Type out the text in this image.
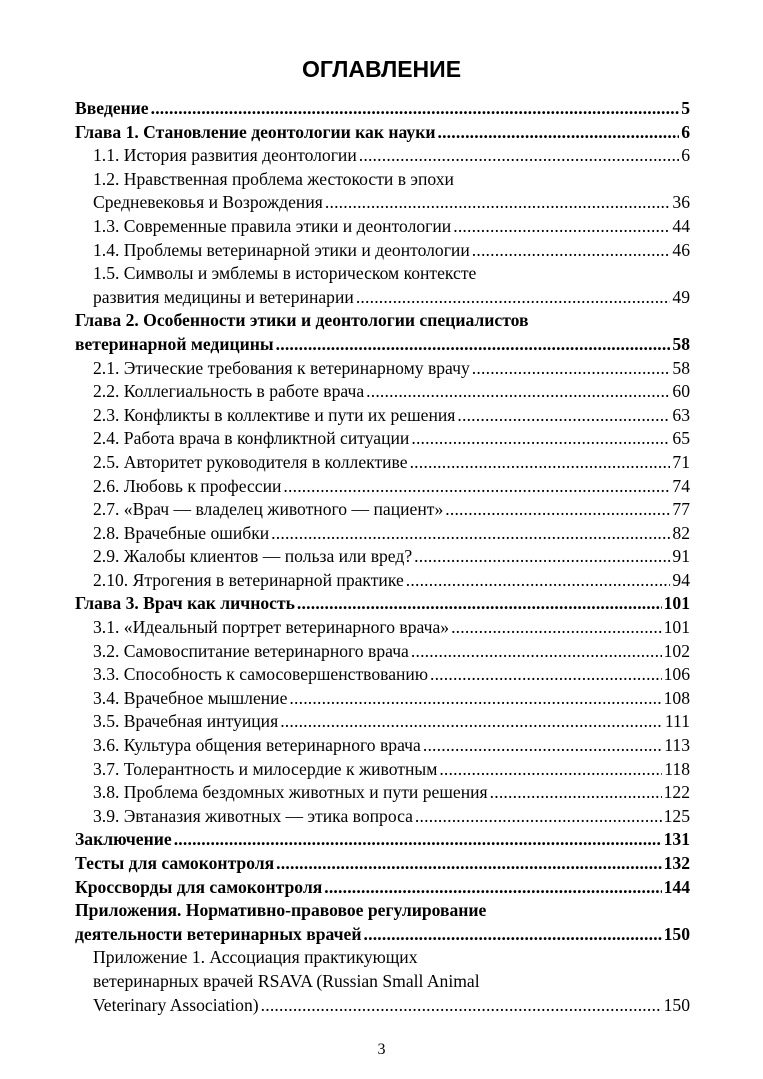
ОГЛАВЛЕНИЕ
Введение .....	5
Глава 1. Становление деонтологии как науки .....	6
1.1. История развития деонтологии .....	6
1.2. Нравственная проблема жестокости в эпохи
Средневековья и Возрождения .....	36
1.3. Современные правила этики и деонтологии .....	44
1.4. Проблемы ветеринарной этики и деонтологии .....	46
1.5. Символы и эмблемы в историческом контексте
развития медицины и ветеринарии .....	49
Глава 2. Особенности этики и деонтологии специалистов
ветеринарной медицины .....	58
2.1. Этические требования к ветеринарному врачу .....	58
2.2. Коллегиальность в работе врача .....	60
2.3. Конфликты в коллективе и пути их решения .....	63
2.4. Работа врача в конфликтной ситуации .....	65
2.5. Авторитет руководителя в коллективе .....	71
2.6. Любовь к профессии .....	74
2.7. «Врач — владелец животного — пациент» .....	77
2.8. Врачебные ошибки .....	82
2.9. Жалобы клиентов — польза или вред? .....	91
2.10. Ятрогения в ветеринарной практике .....	94
Глава 3. Врач как личность .....	101
3.1. «Идеальный портрет ветеринарного врача» .....	101
3.2. Самовоспитание ветеринарного врача .....	102
3.3. Способность к самосовершенствованию .....	106
3.4. Врачебное мышление .....	108
3.5. Врачебная интуиция .....	111
3.6. Культура общения ветеринарного врача .....	113
3.7. Толерантность и милосердие к животным .....	118
3.8. Проблема бездомных животных и пути решения .....	122
3.9. Эвтаназия животных — этика вопроса .....	125
Заключение .....	131
Тесты для самоконтроля .....	132
Кроссворды для самоконтроля .....	144
Приложения. Нормативно-правовое регулирование
деятельности ветеринарных врачей .....	150
Приложение 1. Ассоциация практикующих
ветеринарных врачей RSAVA (Russian Small Animal
Veterinary Association) .....	150
3
